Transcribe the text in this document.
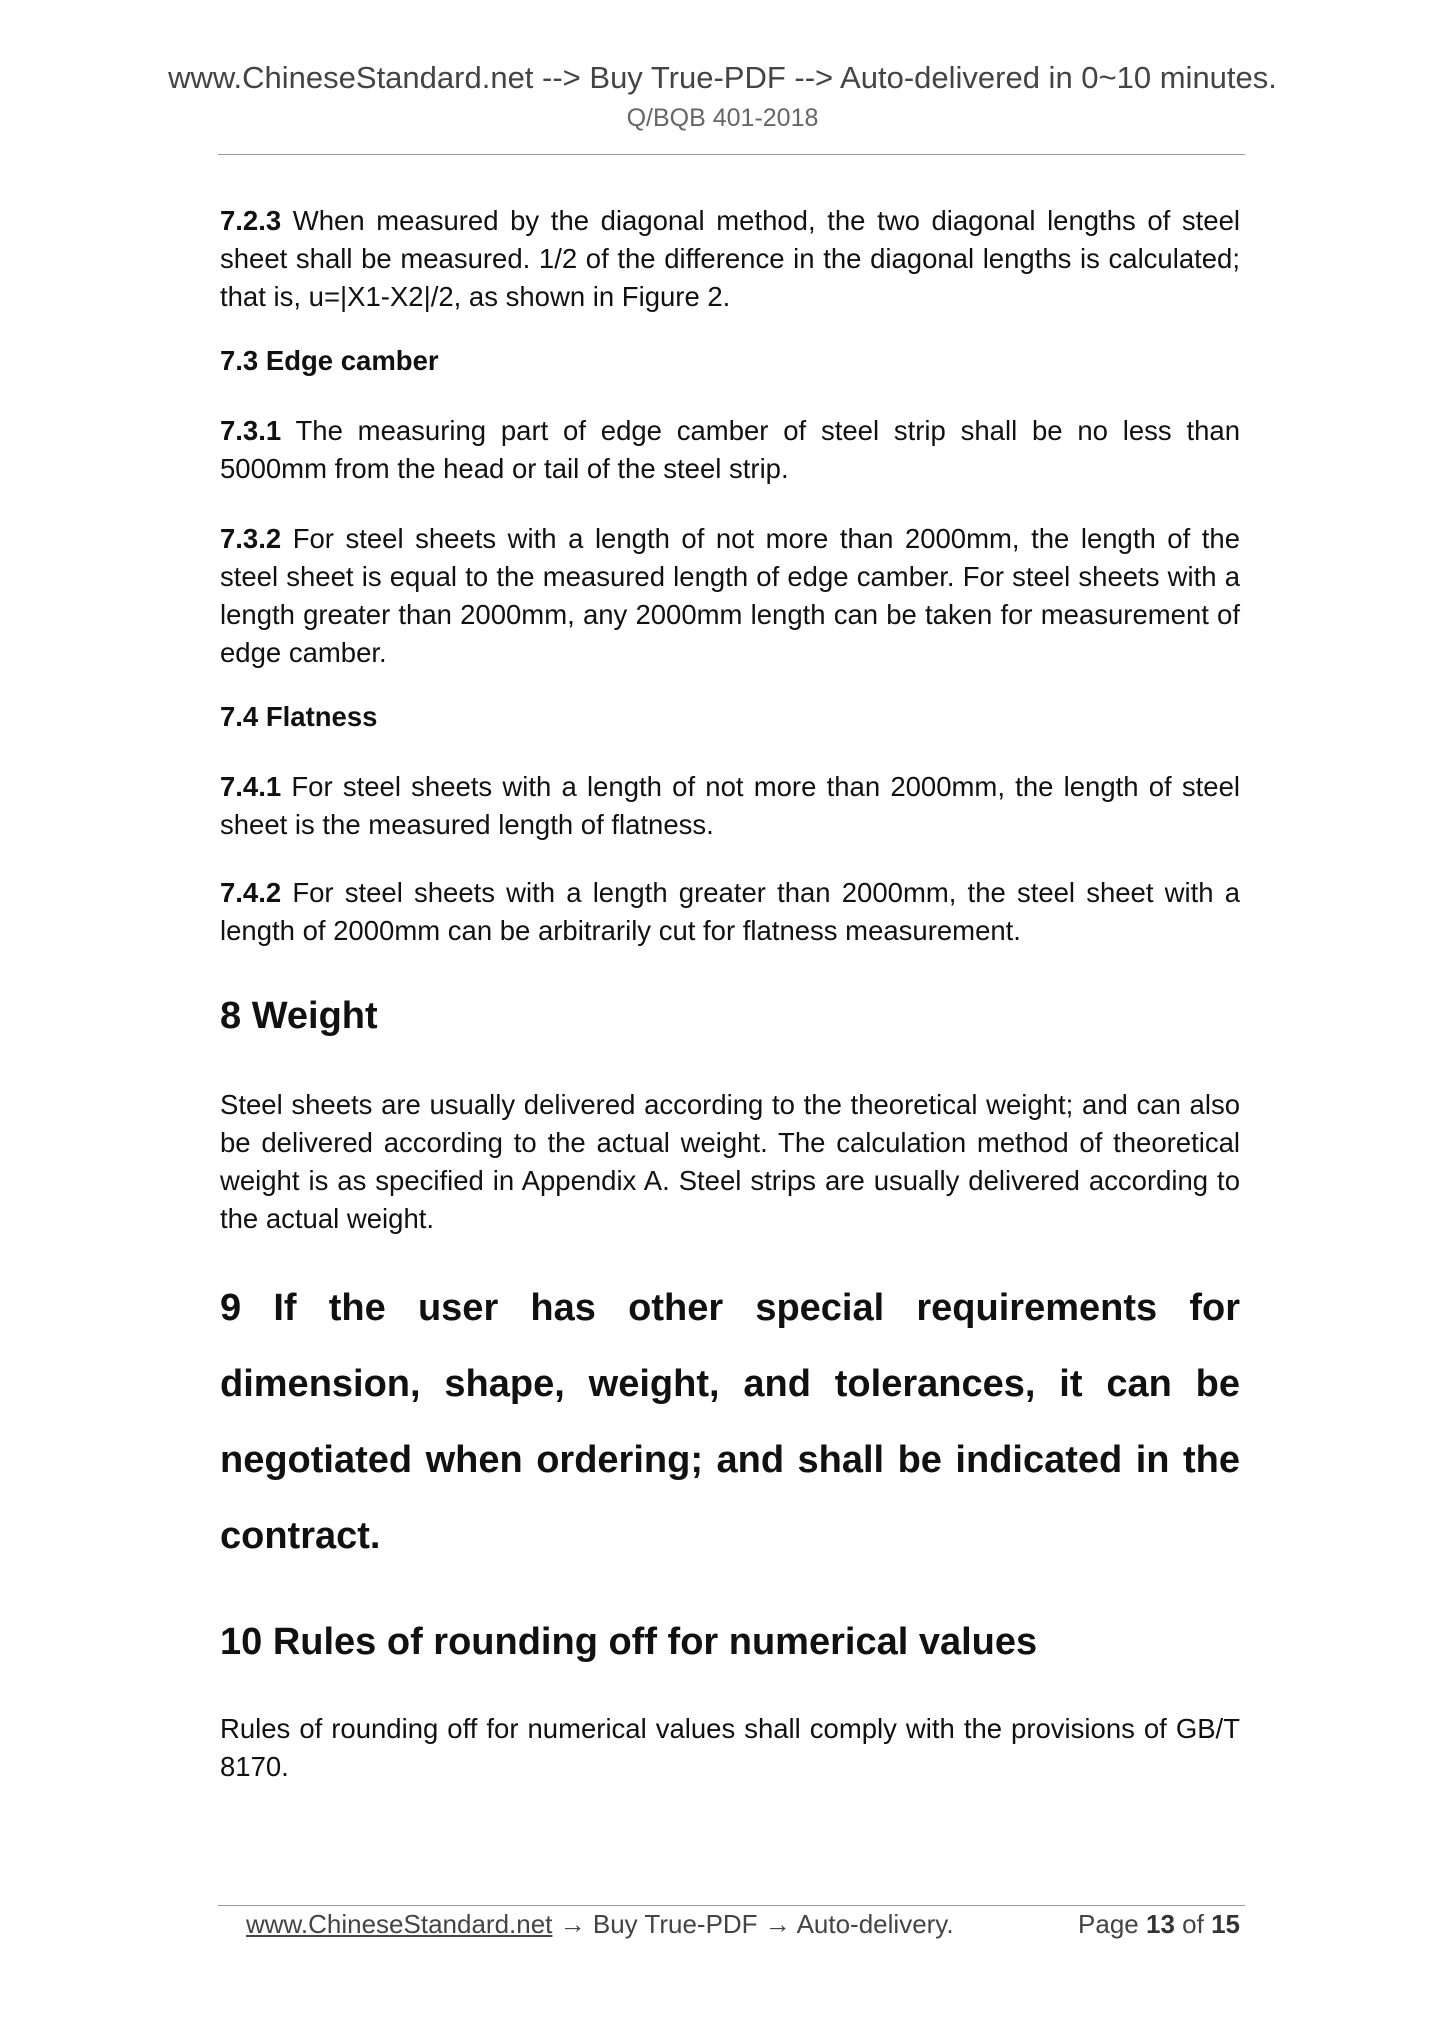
www.ChineseStandard.net --> Buy True-PDF --> Auto-delivered in 0~10 minutes.
Q/BQB 401-2018

7.2.3 When measured by the diagonal method, the two diagonal lengths of steel sheet shall be measured. 1/2 of the difference in the diagonal lengths is calculated; that is, u=|X1-X2|/2, as shown in Figure 2.

7.3 Edge camber

7.3.1 The measuring part of edge camber of steel strip shall be no less than 5000mm from the head or tail of the steel strip.

7.3.2 For steel sheets with a length of not more than 2000mm, the length of the steel sheet is equal to the measured length of edge camber. For steel sheets with a length greater than 2000mm, any 2000mm length can be taken for measurement of edge camber.

7.4 Flatness

7.4.1 For steel sheets with a length of not more than 2000mm, the length of steel sheet is the measured length of flatness.

7.4.2 For steel sheets with a length greater than 2000mm, the steel sheet with a length of 2000mm can be arbitrarily cut for flatness measurement.

8 Weight

Steel sheets are usually delivered according to the theoretical weight; and can also be delivered according to the actual weight. The calculation method of theoretical weight is as specified in Appendix A. Steel strips are usually delivered according to the actual weight.

9 If the user has other special requirements for dimension, shape, weight, and tolerances, it can be negotiated when ordering; and shall be indicated in the contract.

10 Rules of rounding off for numerical values

Rules of rounding off for numerical values shall comply with the provisions of GB/T 8170.

www.ChineseStandard.net → Buy True-PDF → Auto-delivery.	Page 13 of 15
